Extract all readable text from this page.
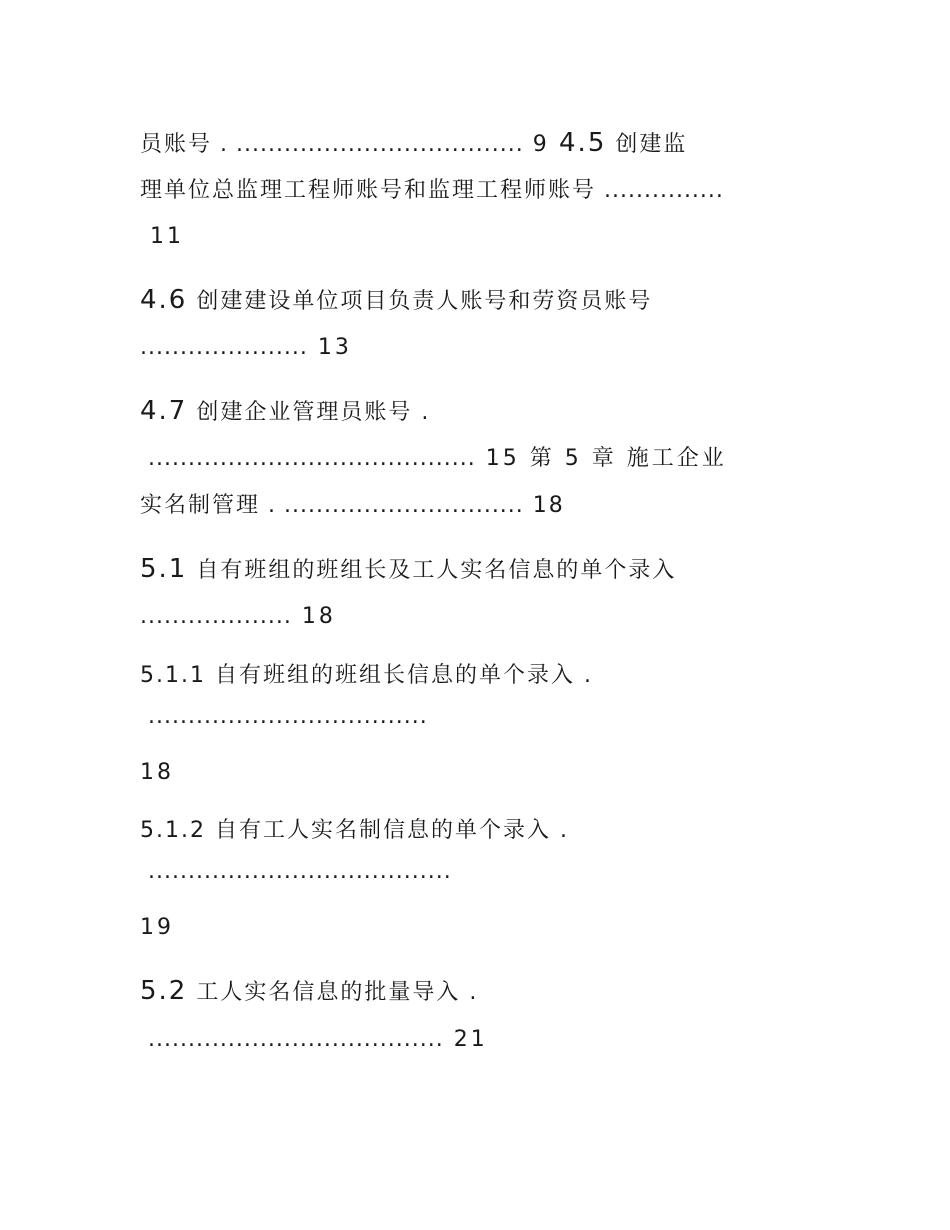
员账号 . .................................... 9 4.5 创建监
理单位总监理工程师账号和监理工程师账号 ...............
11
4.6 创建建设单位项目负责人账号和劳资员账号
..................... 13
4.7 创建企业管理员账号 .
......................................... 15 第 5 章 施工企业
实名制管理 . .............................. 18
5.1 自有班组的班组长及工人实名信息的单个录入
................... 18
5.1.1 自有班组的班组长信息的单个录入 .
...................................
18
5.1.2 自有工人实名制信息的单个录入 .
......................................
19
5.2 工人实名信息的批量导入 .
..................................... 21
